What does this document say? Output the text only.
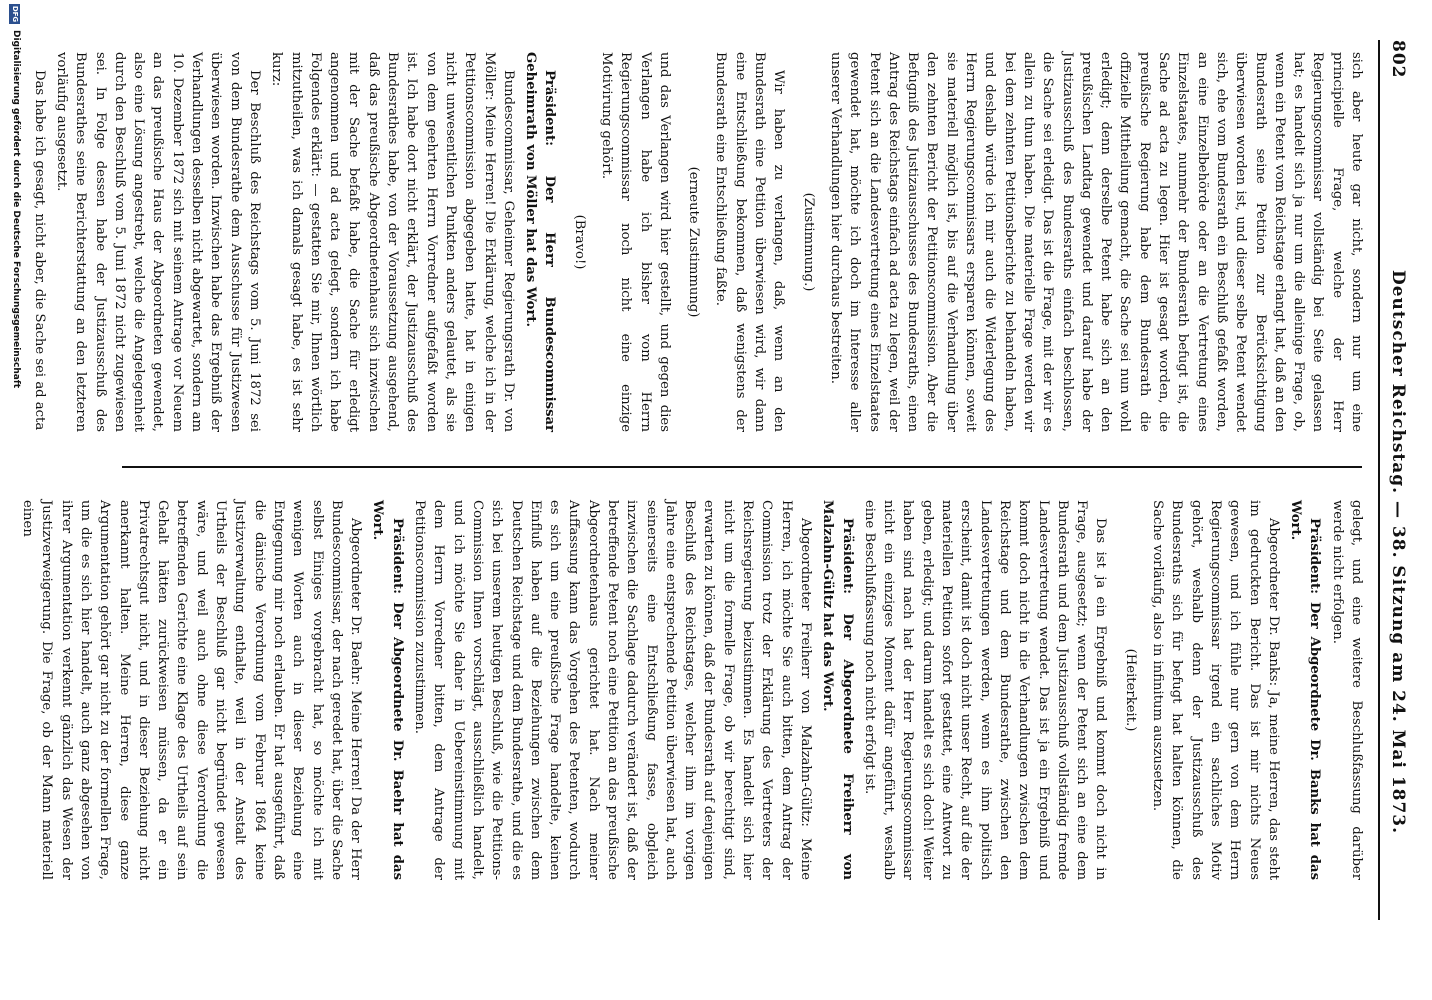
802
Deutscher Reichstag. — 38. Sitzung am 24. Mai 1873.

sich aber heute gar nicht, sondern nur um eine principielle Frage, welche der Herr Regierungscommissar vollständig bei Seite gelassen hat; es handelt sich ja nur um die alleinige Frage, ob, wenn ein Petent vom Reichstage erlangt hat, daß an den Bundesrath seine Petition zur Berücksichtigung überwiesen worden ist, und dieser selbe Petent wendet sich, ehe vom Bundesrath ein Beschluß gefaßt worden, an eine Einzelbehörde oder an die Vertretung eines Einzelstaates, nunmehr der Bundesrath befugt ist, die Sache ad acta zu legen. Hier ist gesagt worden, die preußische Regierung habe dem Bundesrath die offizielle Mittheilung gemacht, die Sache sei nun wohl erledigt; denn derselbe Petent habe sich an den preußischen Landtag gewendet und darauf habe der Justizausschuß des Bundesraths einfach beschlossen, die Sache sei erledigt. Das ist die Frage, mit der wir es allein zu thun haben. Die materielle Frage werden wir bei dem zehnten Petitionsberichte zu behandeln haben, und deshalb würde ich mir auch die Widerlegung des Herrn Regierungscommissars ersparen können, soweit sie materiell möglich ist, bis auf die Verhandlung über den zehnten Bericht der Petitionscommission. Aber die Befugniß des Justizausschusses des Bundesraths, einen Antrag des Reichstags einfach ad acta zu legen, weil der Petent sich an die Landesvertretung eines Einzelstaates gewendet hat, möchte ich doch im Interesse aller unserer Verhandlungen hier durchaus bestreiten.

(Zustimmung.)

Wir haben zu verlangen, daß, wenn an den Bundesrath eine Petition überwiesen wird, wir dann eine Entschließung bekommen, daß wenigstens der Bundesrath eine Entschließung faßte.

(erneute Zustimmung)

und das Verlangen wird hier gestellt, und gegen dies Verlangen habe ich bisher vom Herrn Regierungscommissar noch nicht eine einzige Motivirung gehört.

(Bravo!)

Präsident: Der Herr Bundescommissar Geheimrath von Möller hat das Wort.

Bundescommissar, Geheimer Regierungsrath Dr. von Möller: Meine Herren! Die Erklärung, welche ich in der Petitionscommission abgegeben hatte, hat in einigen nicht unwesentlichen Punkten anders gelautet, als sie von dem geehrten Herrn Vorredner aufgefaßt worden ist. Ich habe dort nicht erklärt, der Justizausschuß des Bundesrathes habe, von der Voraussetzung ausgehend, daß das preußische Abgeordnetenhaus sich inzwischen mit der Sache befaßt habe, die Sache für erledigt angenommen und ad acta gelegt, sondern ich habe Folgendes erklärt: — gestatten Sie mir, Ihnen wörtlich mitzutheilen, was ich damals gesagt habe, es ist sehr kurz:

Der Beschluß des Reichstags vom 5. Juni 1872 sei von dem Bundesrathe dem Ausschusse für Justizwesen überwiesen worden. Inzwischen habe das Ergebniß der Verhandlungen desselben nicht abgewartet, sondern am 10. Dezember 1872 sich mit seinem Antrage vor Neuem an das preußische Haus der Abgeordneten gewendet, also eine Lösung angestrebt, welche die Angelegenheit durch den Beschluß vom 5. Juni 1872 nicht zugewiesen sei. In Folge dessen habe der Justizausschuß des Bundesrathes seine Berichterstattung an den letzteren vorläufig ausgesetzt.

Das habe ich gesagt, nicht aber, die Sache sei ad acta

gelegt, und eine weitere Beschlußfassung darüber werde nicht erfolgen.

Präsident: Der Abgeordnete Dr. Banks hat das Wort.

Abgeordneter Dr. Banks: Ja, meine Herren, das steht im gedruckten Bericht. Das ist mir nichts Neues gewesen, und ich fühle nur gern von dem Herrn Regierungscommissar irgend ein sachliches Motiv gehört, weshalb denn der Justizausschuß des Bundesraths sich für befugt hat halten können, die Sache vorläufig, also in infinitum auszusetzen.

(Heiterkeit.)

Das ist ja ein Ergebniß und kommt doch nicht in Frage, ausgesetzt; wenn der Petent sich an eine dem Bundesrath und dem Justizausschuß vollständig fremde Landesvertretung wendet. Das ist ja ein Ergebniß und kommt doch nicht in die Verhandlungen zwischen dem Reichstage und dem Bundesrathe, zwischen den Landesvertretungen werden, wenn es ihm politisch erscheint, damit ist doch nicht unser Recht, auf die der materiellen Petition sofort gestattet, eine Antwort zu geben, erledigt; und darum handelt es sich doch! Weiter haben sind nach hat der Herr Regierungscommissar nicht ein einziges Moment dafür angeführt, weshalb eine Beschlußfassung noch nicht erfolgt ist.

Präsident: Der Abgeordnete Freiherr von Malzahn-Gültz hat das Wort.

Abgeordneter Freiherr von Malzahn-Gültz: Meine Herren, ich möchte Sie auch bitten, dem Antrag der Commission trotz der Erklärung des Vertreters der Reichsregierung beizustimmen. Es handelt sich hier nicht um die formelle Frage, ob wir berechtigt sind, erwarten zu können, daß der Bundesrath auf denjenigen Beschluß des Reichstages, welcher ihm im vorigen Jahre eine entsprechende Petition überwiesen hat, auch seinerseits eine Entschließung fasse, obgleich inzwischen die Sachlage dadurch verändert ist, daß der betreffende Petent noch eine Petition an das preußische Abgeordnetenhaus gerichtet hat. Nach meiner Auffassung kann das Vorgehen des Petenten, wodurch es sich um eine preußische Frage handelte, keinen Einfluß haben auf die Beziehungen zwischen dem Deutschen Reichstage und dem Bundesrathe, und die es sich bei unserem heutigen Beschluß, wie die Petitions-Commission Ihnen vorschlägt, ausschließlich handelt, und ich möchte Sie daher in Uebereinstimmung mit dem Herrn Vorredner bitten, dem Antrage der Petitionscommission zuzustimmen.

Präsident: Der Abgeordnete Dr. Baehr hat das Wort.

Abgeordneter Dr. Baehr: Meine Herren! Da der Herr Bundescommissar, der nach geredet hat, über die Sache selbst Einiges vorgebracht hat, so möchte ich mit wenigen Worten auch in dieser Beziehung eine Entgegnung mir noch erlauben. Er hat ausgeführt, daß die dänische Verordnung vom Februar 1864 keine Justizverwaltung enthalte, weil in der Anstalt des Urtheils der Beschluß gar nicht begründet gewesen wäre, und weil auch ohne diese Verordnung die betreffenden Gerichte eine Klage des Urtheils auf sein Gehalt hätten zurückweisen müssen, da er ein Privatrechtsgut nicht, und in dieser Beziehung nicht anerkannt halten. Meine Herren, diese ganze Argumentation gehört gar nicht zu der formellen Frage, um die es sich hier handelt, auch ganz abgesehen von ihrer Argumentation verkennt gänzlich das Wesen der Justizverweigerung. Die Frage, ob der Mann materiell einen

DFG
Digitalisierung gefördert durch die Deutsche Forschungsgemeinschaft
